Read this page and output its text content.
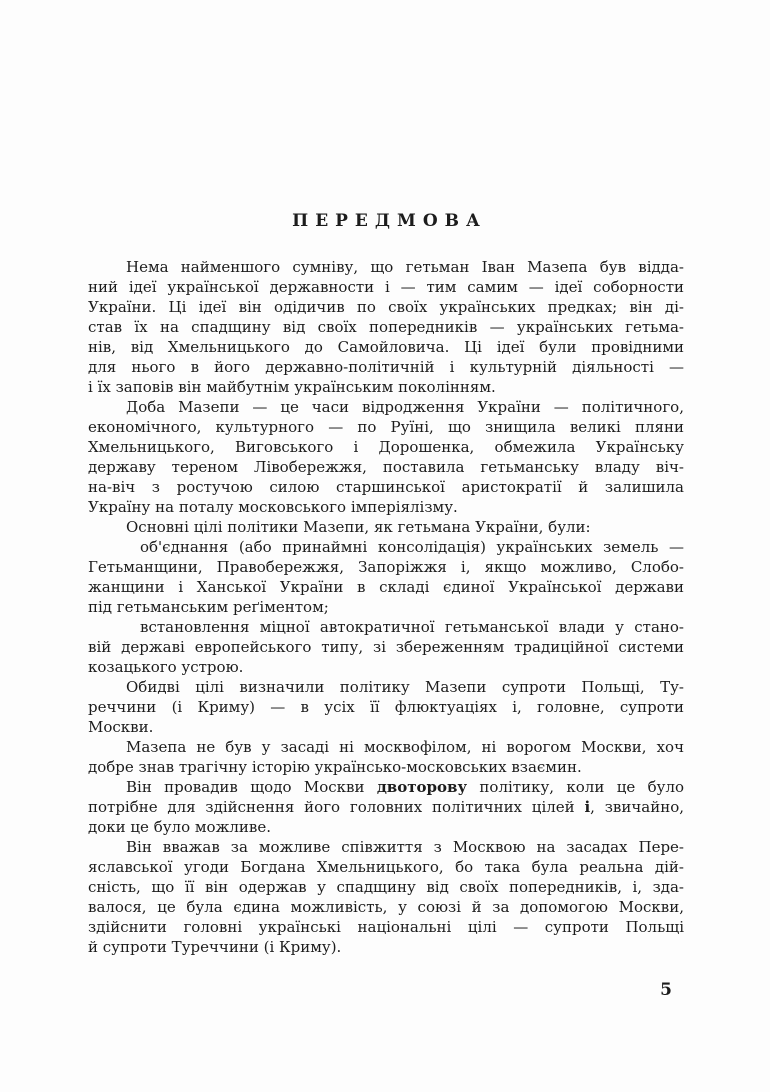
ПЕРЕДМОВА
Нема найменшого сумніву, що гетьман Іван Мазепа був відда-
ний ідеї української державности і — тим самим — ідеї соборности
України. Ці ідеї він одідичив по своїх українських предках; він ді-
став їх на спадщину від своїх попередників — українських гетьма-
нів, від Хмельницького до Самойловича. Ці ідеї були провідними
для нього в його державно-політичній і культурній діяльності —
і їх заповів він майбутнім українським поколінням.
Доба Мазепи — це часи відродження України — політичного,
економічного, культурного — по Руїні, що знищила великі пляни
Хмельницького, Виговського і Дорошенка, обмежила Українську
державу тереном Лівобережжя, поставила гетьманську владу віч-
на-віч з ростучою силою старшинської аристократії й залишила
Україну на поталу московського імперіялізму.
Основні цілі політики Мазепи, як гетьмана України, були:
об'єднання (або принаймні консолідація) українських земель —
Гетьманщини, Правобережжя, Запоріжжя і, якщо можливо, Слобо-
жанщини і Ханської України в складі єдиної Української держави
під гетьманським реґіментом;
встановлення міцної автократичної гетьманської влади у стано-
вій державі европейського типу, зі збереженням традиційної системи
козацького устрою.
Обидві цілі визначили політику Мазепи супроти Польщі, Ту-
реччини (і Криму) — в усіх її флюктуаціях і, головне, супроти
Москви.
Мазепа не був у засаді ні москвофілом, ні ворогом Москви, хоч
добре знав трагічну історію українсько-московських взаємин.
Він провадив щодо Москви двоторову політику, коли це було
потрібне для здійснення його головних політичних цілей і, звичайно,
доки це було можливе.
Він вважав за можливе співжиття з Москвою на засадах Пере-
яславської угоди Богдана Хмельницького, бо така була реальна дій-
сність, що її він одержав у спадщину від своїх попередників, і, зда-
валося, це була єдина можливість, у союзі й за допомогою Москви,
здійснити головні українські національні цілі — супроти Польщі
й супроти Туреччини (і Криму).
5
